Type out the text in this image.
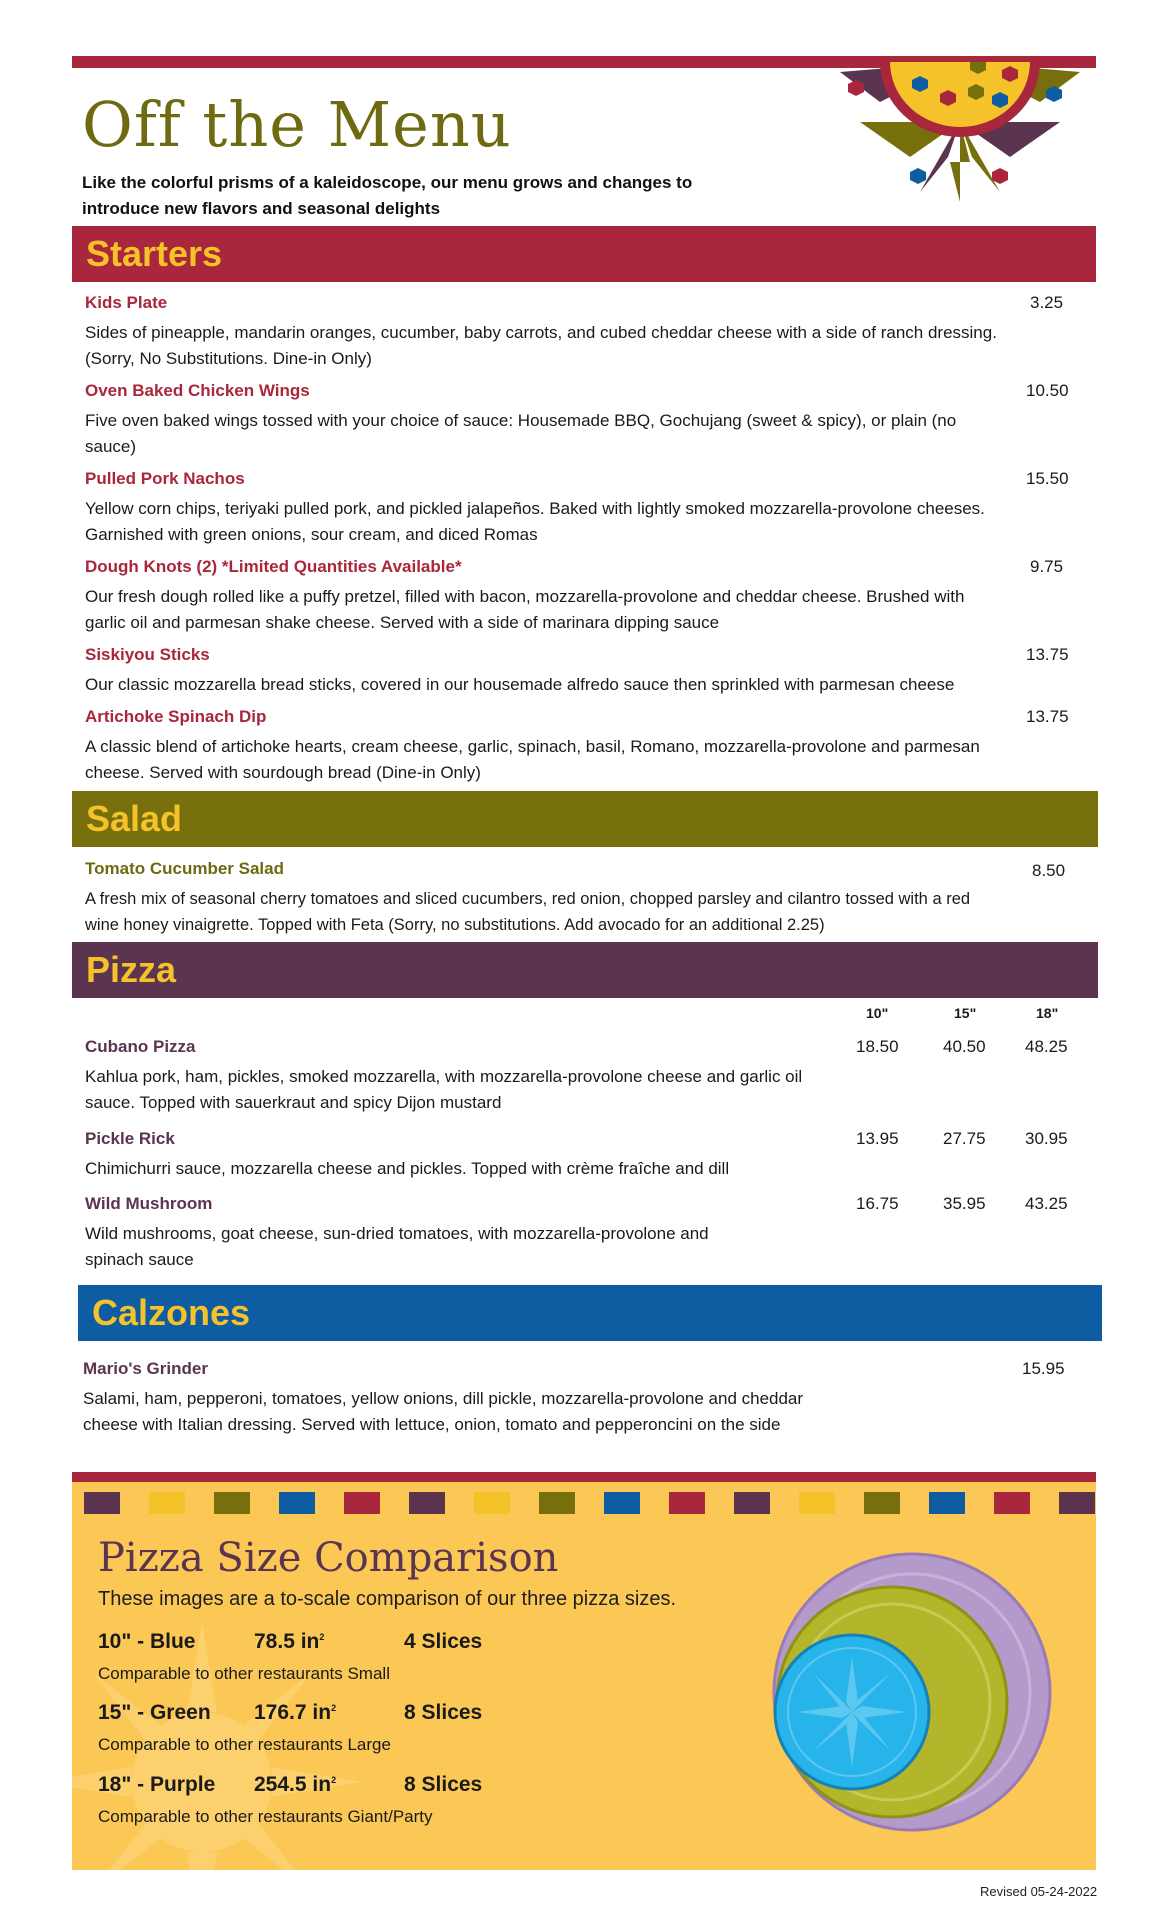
Off the Menu
Like the colorful prisms of a kaleidoscope, our menu grows and changes to introduce new flavors and seasonal delights
Starters
Kids Plate
Sides of pineapple, mandarin oranges, cucumber, baby carrots, and cubed cheddar cheese with a side of ranch dressing. (Sorry, No Substitutions. Dine-in Only)
3.25
Oven Baked Chicken Wings
Five oven baked wings tossed with your choice of sauce: Housemade BBQ, Gochujang (sweet & spicy), or plain (no sauce)
10.50
Pulled Pork Nachos
Yellow corn chips, teriyaki pulled pork, and pickled jalapeños. Baked with lightly smoked mozzarella-provolone cheeses. Garnished with green onions, sour cream, and diced Romas
15.50
Dough Knots (2) *Limited Quantities Available*
Our fresh dough rolled like a puffy pretzel, filled with bacon, mozzarella-provolone and cheddar cheese. Brushed with garlic oil and parmesan shake cheese. Served with a side of marinara dipping sauce
9.75
Siskiyou Sticks
Our classic mozzarella bread sticks, covered in our housemade alfredo sauce then sprinkled with parmesan cheese
13.75
Artichoke Spinach Dip
A classic blend of artichoke hearts, cream cheese, garlic, spinach, basil, Romano, mozzarella-provolone and parmesan cheese. Served with sourdough bread (Dine-in Only)
13.75
Salad
Tomato Cucumber Salad
A fresh mix of seasonal cherry tomatoes and sliced cucumbers, red onion, chopped parsley and cilantro tossed with a red wine honey vinaigrette. Topped with Feta (Sorry, no substitutions. Add avocado for an additional 2.25)
8.50
Pizza
10"	15"	18"
Cubano Pizza
Kahlua pork, ham, pickles, smoked mozzarella, with mozzarella-provolone cheese and garlic oil sauce. Topped with sauerkraut and spicy Dijon mustard
18.50	40.50 48.25
Pickle Rick
Chimichurri sauce, mozzarella cheese and pickles. Topped with crème fraîche and dill
13.95	27.75 30.95
Wild Mushroom
Wild mushrooms, goat cheese, sun-dried tomatoes, with mozzarella-provolone and spinach sauce
16.75	35.95 43.25
Calzones
Mario's Grinder
Salami, ham, pepperoni, tomatoes, yellow onions, dill pickle, mozzarella-provolone and cheddar cheese with Italian dressing. Served with lettuce, onion, tomato and pepperoncini on the side
15.95
Pizza Size Comparison
These images are a to-scale comparison of our three pizza sizes.
10" - Blue	78.5 $in^2$	4 Slices
Comparable to other restaurants Small
15" - Green 176.7 $in^2$	8 Slices
Comparable to other restaurants Large
18" - Purple 254.5 $in^2$	8 Slices
Comparable to other restaurants Giant/Party
Revised 05-24-2022
